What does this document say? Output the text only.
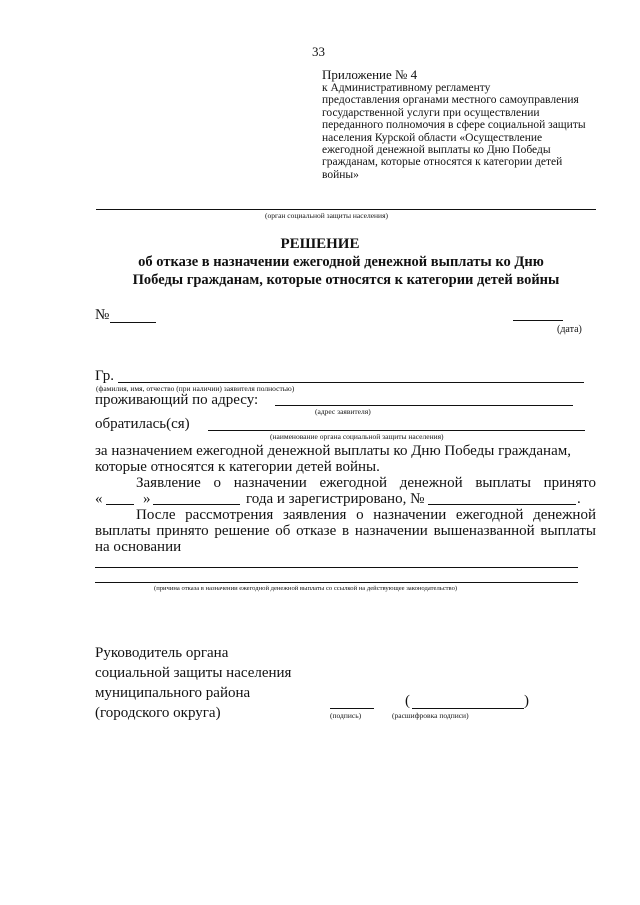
33
Приложение № 4
к Административному регламенту
предоставления органами местного самоуправления
государственной услуги при осуществлении
переданного полномочия в сфере социальной защиты
населения Курской области «Осуществление
ежегодной денежной выплаты ко Дню Победы
гражданам, которые относятся к категории детей
войны»
(орган социальной защиты населения)
РЕШЕНИЕ
об отказе в назначении ежегодной денежной выплаты ко Дню
Победы гражданам, которые относятся к категории детей войны
№
(дата)
Гр.
(фамилия, имя, отчество (при наличии) заявителя полностью)
проживающий по адресу:
(адрес заявителя)
обратилась(ся)
(наименование органа социальной защиты населения)
за назначением ежегодной денежной выплаты ко Дню Победы гражданам,
которые относятся к категории детей войны.
Заявление о назначении ежегодной денежной выплаты принято
«	»	года и зарегистрировано, №	.
После рассмотрения заявления о назначении ежегодной денежной
выплаты принято решение об отказе в назначении вышеназванной выплаты
на основании
(причина отказа в назначении ежегодной денежной выплаты со ссылкой на действующее законодательство)
Руководитель органа
социальной защиты населения
муниципального района
(городского округа)	(подпись)
(	)
(расшифровка подписи)
